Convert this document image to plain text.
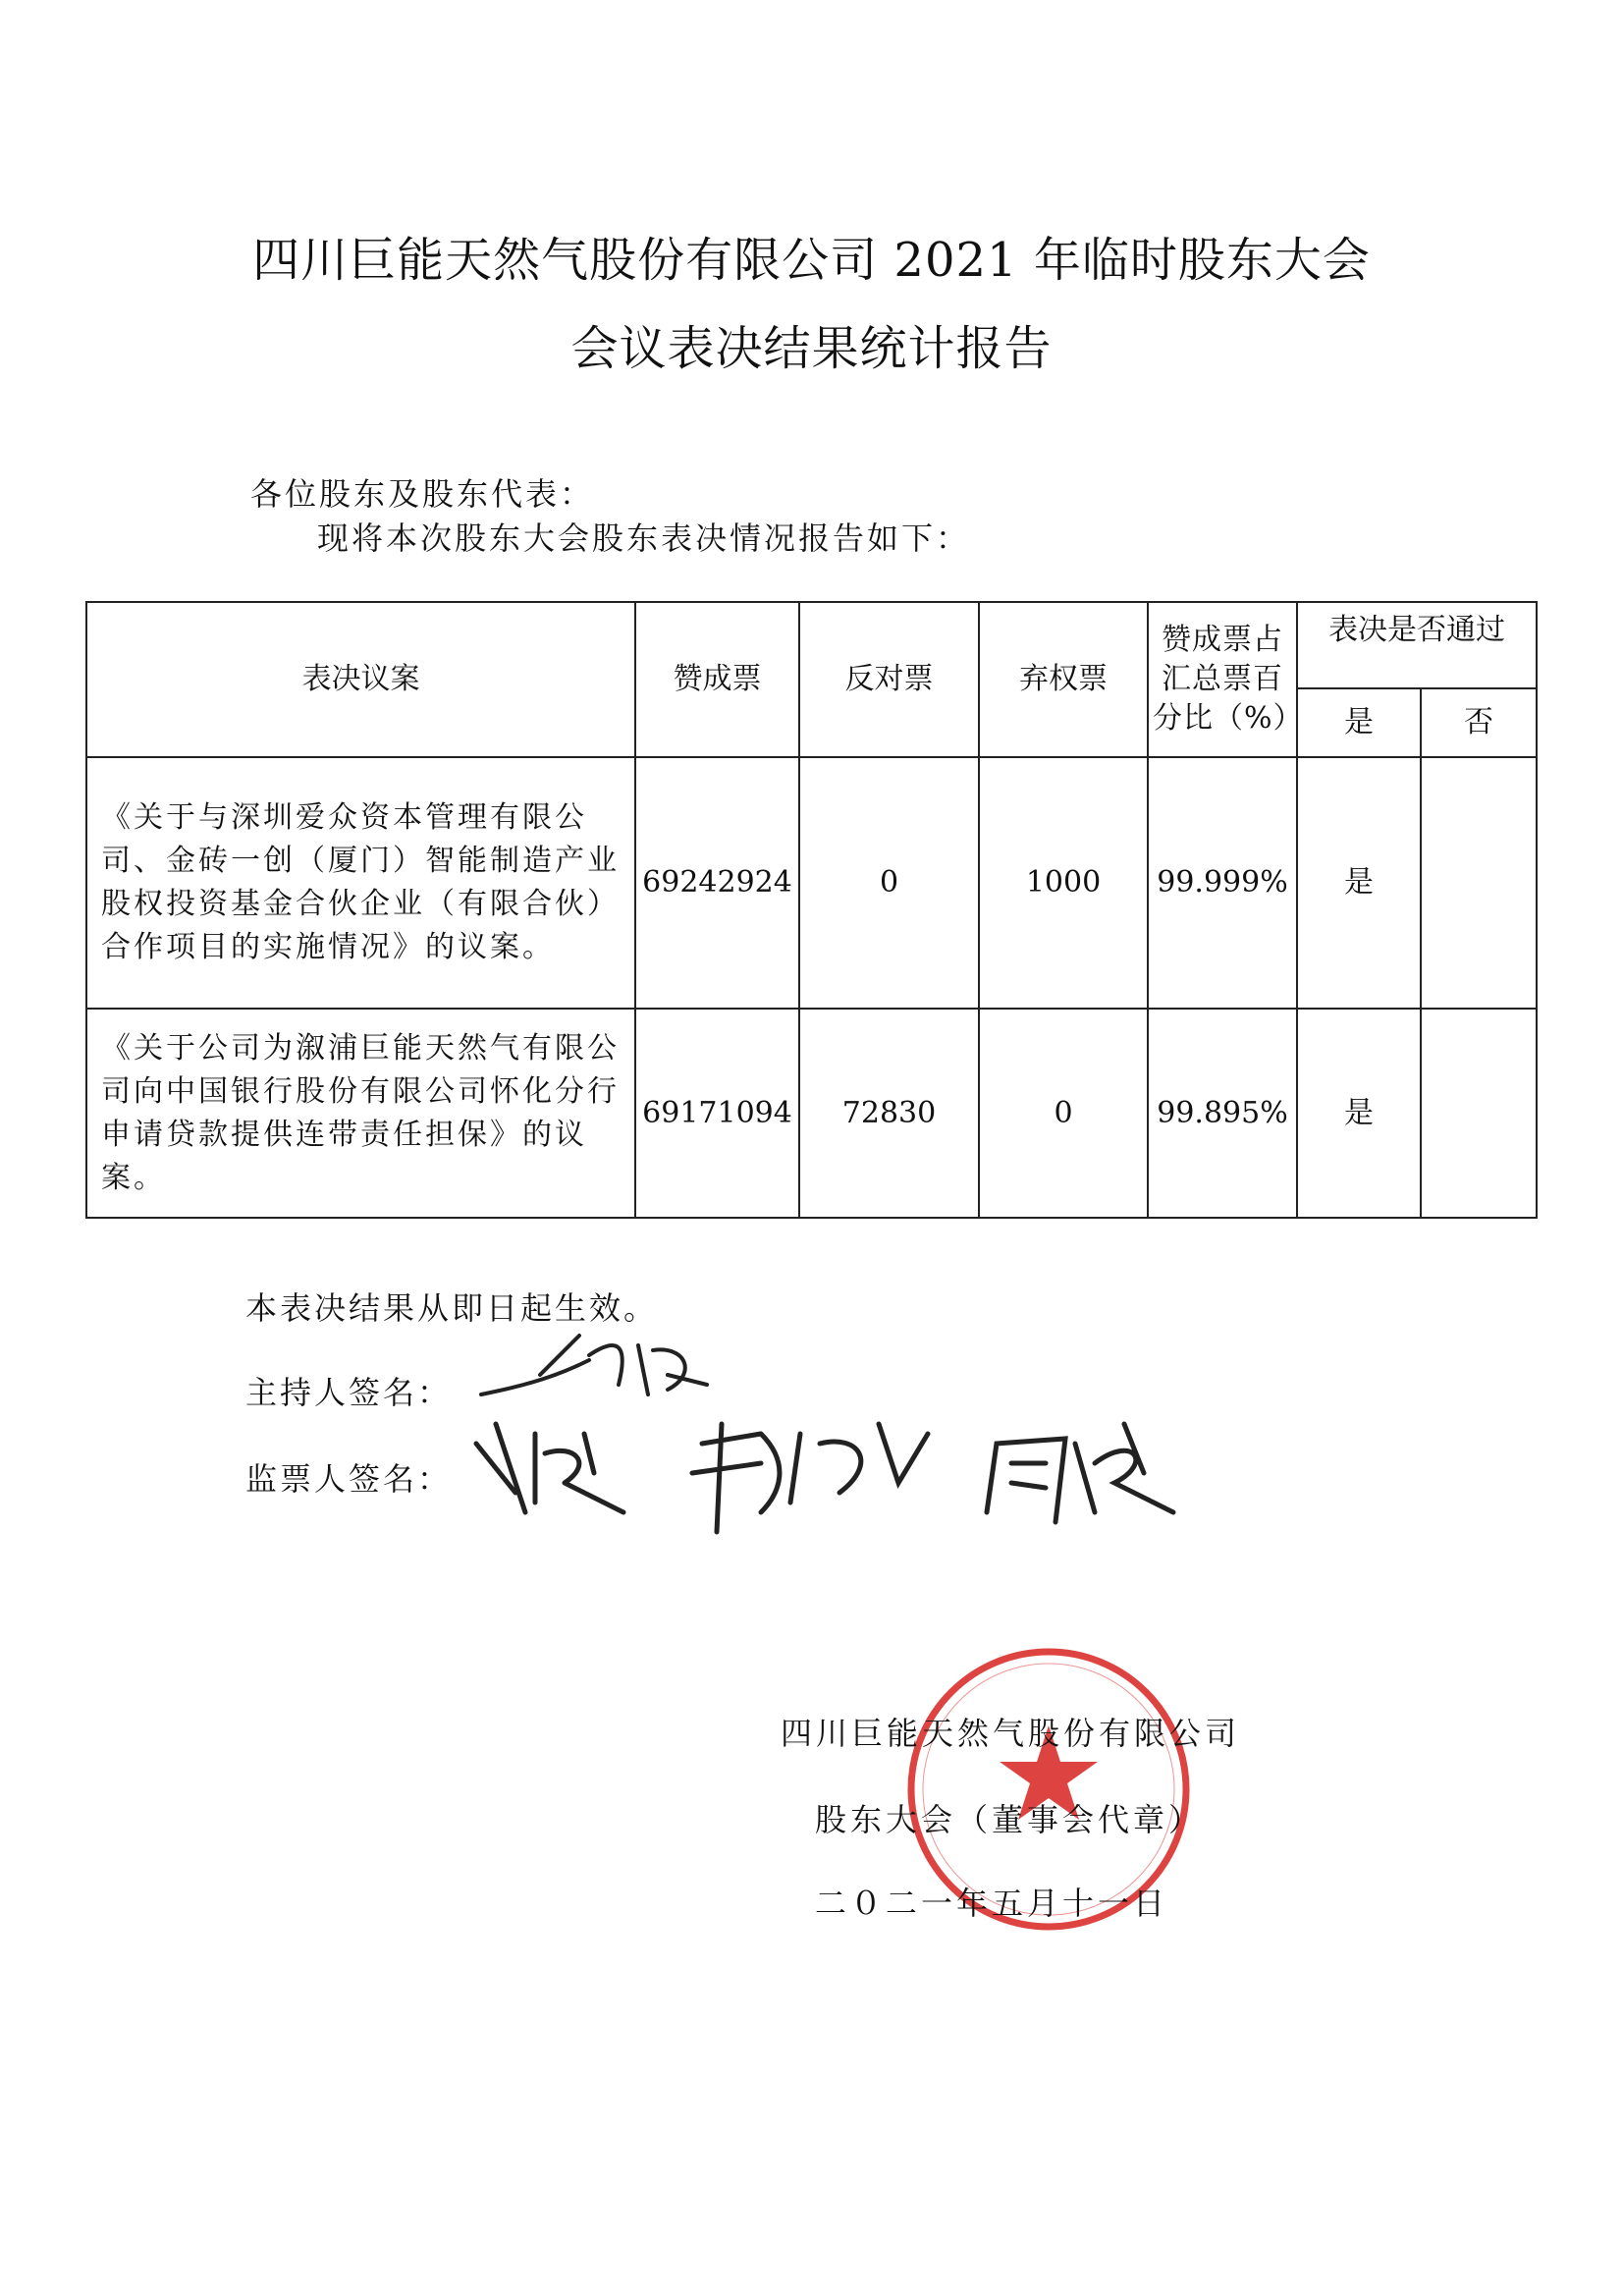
四川巨能天然气股份有限公司 2021 年临时股东大会
会议表决结果统计报告
各位股东及股东代表：
现将本次股东大会股东表决情况报告如下：
表决议案	赞成票	反对票	弃权票	赞成票占汇总票百分比（%）	表决是否通过	
					是	否
《关于与深圳爱众资本管理有限公司、金砖一创（厦门）智能制造产业股权投资基金合伙企业（有限合伙）合作项目的实施情况》的议案。	69242924	0	1000	99.999%	是	
《关于公司为溆浦巨能天然气有限公司向中国银行股份有限公司怀化分行申请贷款提供连带责任担保》的议案。	69171094	72830	0	99.895%	是	
本表决结果从即日起生效。
主持人签名：
监票人签名：
四川巨能天然气股份有限公司
股东大会（董事会代章）
二０二一年五月十一日
